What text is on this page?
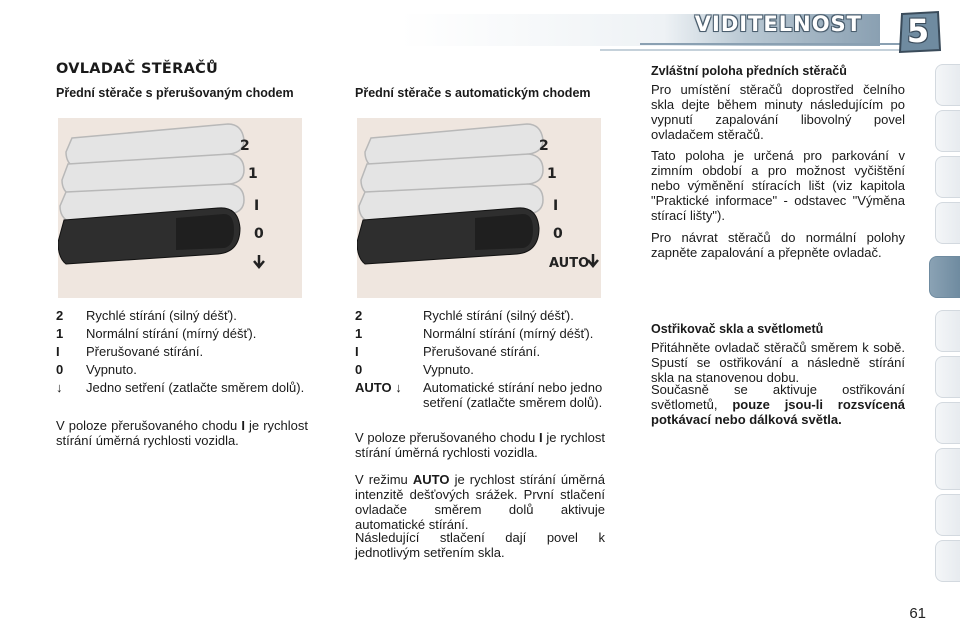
VIDITELNOST 5
OVLADAČ STĚRAČŮ
Přední stěrače s přerušovaným chodem
2
1
I
0
2	Rychlé stírání (silný déšť).
1	Normální stírání (mírný déšť).
I	Přerušované stírání.
0	Vypnuto.
↓	Jedno setření (zatlačte směrem dolů).

V poloze přerušovaného chodu I je rychlost stírání úměrná rychlosti vozidla.

Přední stěrače s automatickým chodem
2
1
I
0
AUTO
2	Rychlé stírání (silný déšť).
1	Normální stírání (mírný déšť).
I	Přerušované stírání.
0	Vypnuto.
AUTO ↓	Automatické stírání nebo jedno setření (zatlačte směrem dolů).

V poloze přerušovaného chodu I je rychlost stírání úměrná rychlosti vozidla.

V režimu AUTO je rychlost stírání úměrná intenzitě dešťových srážek. První stlačení ovladače směrem dolů aktivuje automatické stírání.

Následující stlačení dají povel k jednotlivým setřením skla.

Zvláštní poloha předních stěračů

Pro umístění stěračů doprostřed čelního skla dejte během minuty následujícím po vypnutí zapalování libovolný povel ovladačem stěračů.

Tato poloha je určená pro parkování v zimním období a pro možnost vyčištění nebo výměnění stíracích lišt (viz kapitola "Praktické informace" - odstavec "Výměna stírací lišty").

Pro návrat stěračů do normální polohy zapněte zapalování a přepněte ovladač.

Ostřikovač skla a světlometů

Přitáhněte ovladač stěračů směrem k sobě. Spustí se ostřikování a následně stírání skla na stanovenou dobu.

Současně se aktivuje ostřikování světlometů, pouze jsou-li rozsvícená potkávací nebo dálková světla.

61
